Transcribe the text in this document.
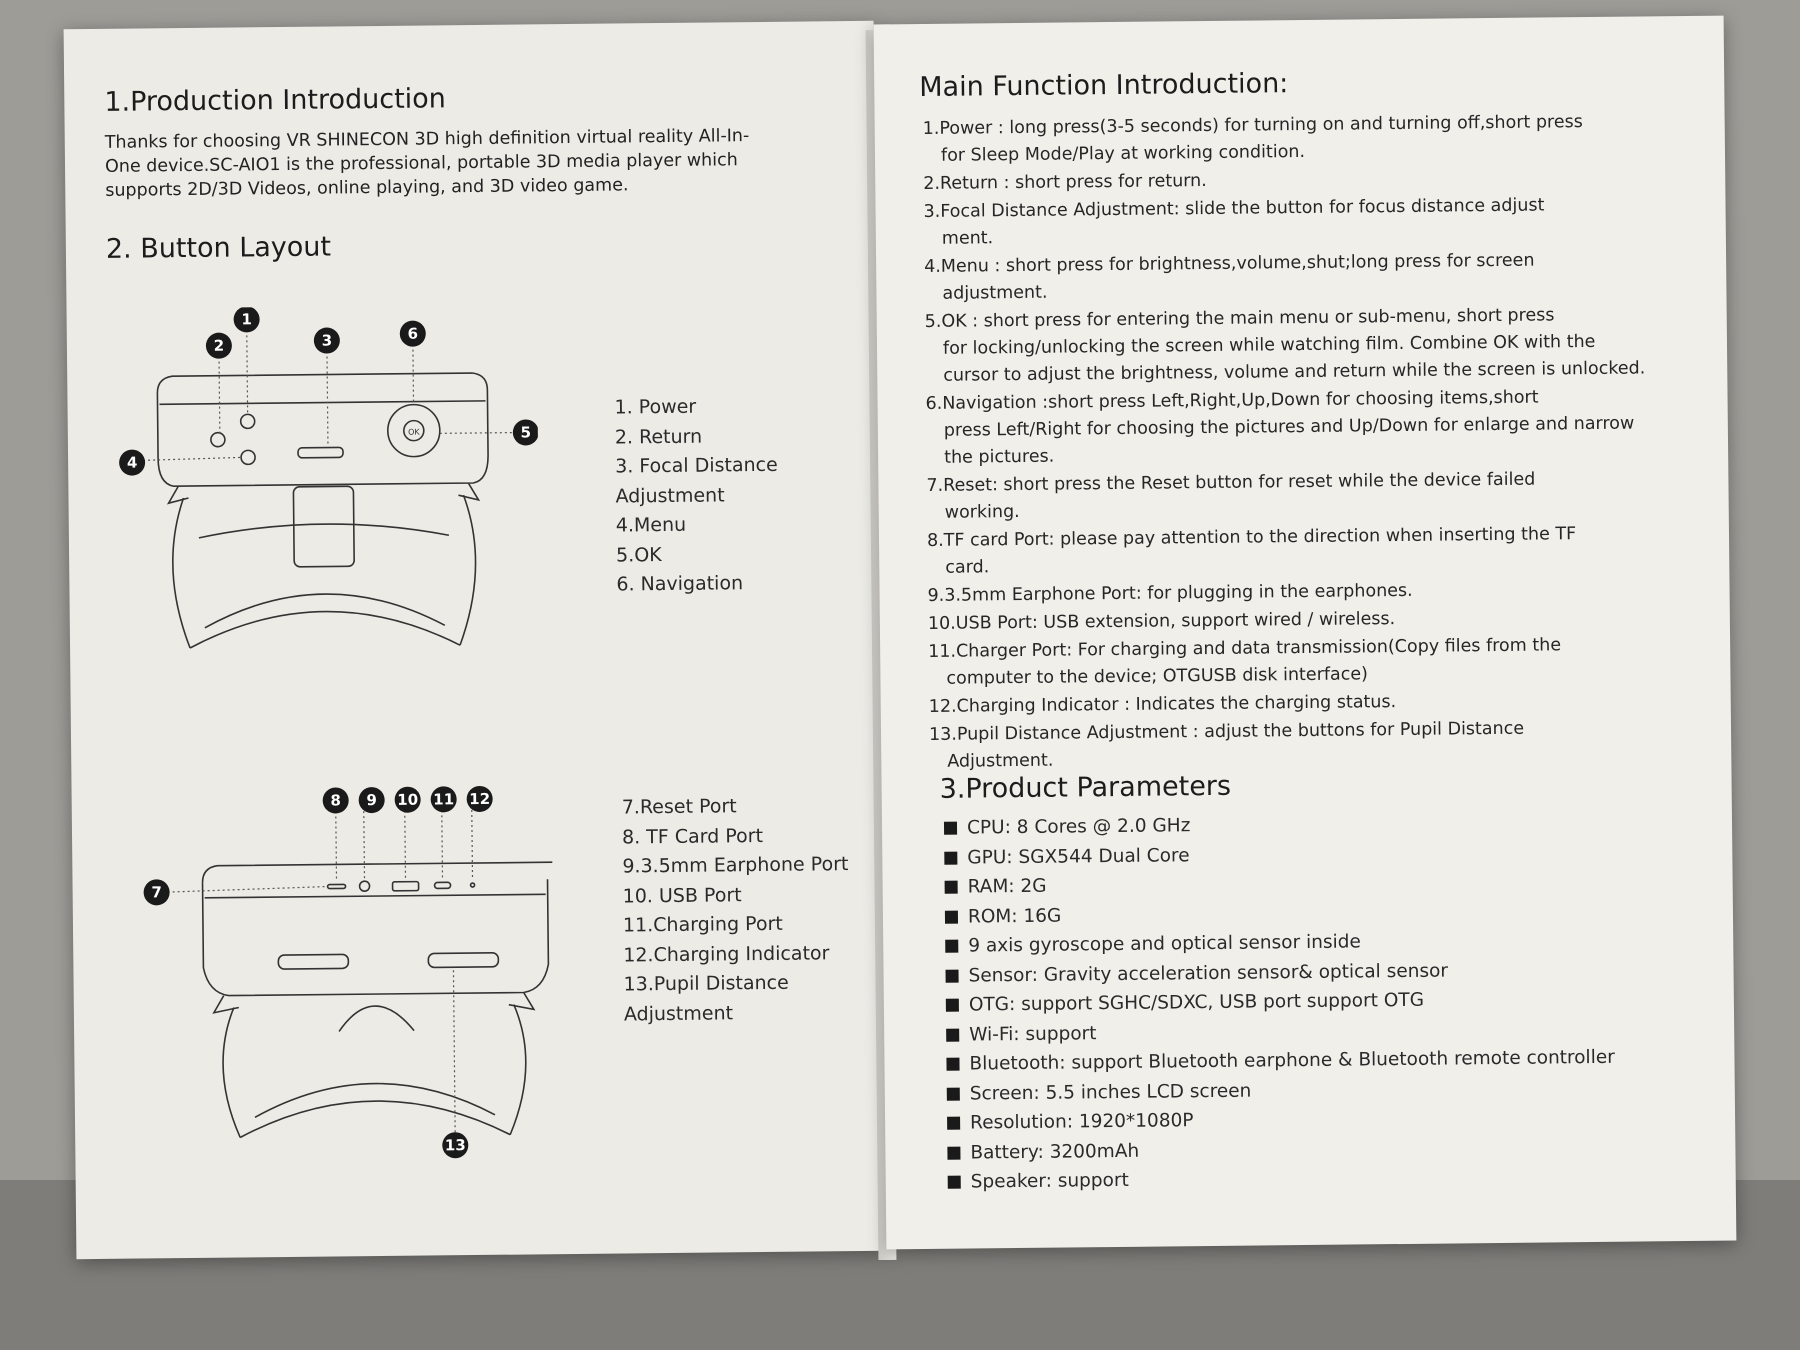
1.Production Introduction
Thanks for choosing VR SHINECON 3D high definition virtual reality All-In-One device.SC-AIO1 is the professional, portable 3D media player which supports 2D/3D Videos, online playing, and 3D video game.
2. Button Layout
OK
1
2	3
4
5
6
1. Power
2. Return
3. Focal Distance
Adjustment
4.Menu
5.OK
6. Navigation
7
8 9 10 11 12
13
7.Reset Port
8. TF Card Port
9.3.5mm Earphone Port
10. USB Port
11.Charging Port
12.Charging Indicator
13.Pupil Distance
Adjustment
Main Function Introduction:
1.Power : long press(3-5 seconds) for turning on and turning off,short press
for Sleep Mode/Play at working condition.
2.Return : short press for return.
3.Focal Distance Adjustment: slide the button for focus distance adjust
ment.
4.Menu : short press for brightness,volume,shut;long press for screen
adjustment.
5.OK : short press for entering the main menu or sub-menu, short press
for locking/unlocking the screen while watching film. Combine OK with the cursor to adjust the brightness, volume and return while the screen is unlocked.
6.Navigation :short press Left,Right,Up,Down for choosing items,short
press Left/Right for choosing the pictures and Up/Down for enlarge and narrow the pictures.
7.Reset: short press the Reset button for reset while the device failed
working.
8.TF card Port: please pay attention to the direction when inserting the TF
card.
9.3.5mm Earphone Port: for plugging in the earphones.
10.USB Port: USB extension, support wired / wireless.
11.Charger Port: For charging and data transmission(Copy files from the
computer to the device; OTGUSB disk interface)
12.Charging Indicator : Indicates the charging status.
13.Pupil Distance Adjustment : adjust the buttons for Pupil Distance
Adjustment.
3.Product Parameters
CPU: 8 Cores @ 2.0 GHz
GPU: SGX544 Dual Core
RAM: 2G
ROM: 16G
9 axis gyroscope and optical sensor inside
Sensor: Gravity acceleration sensor& optical sensor
OTG: support SGHC/SDXC, USB port support OTG
Wi-Fi: support
Bluetooth: support Bluetooth earphone & Bluetooth remote controller
Screen: 5.5 inches LCD screen
Resolution: 1920*1080P
Battery: 3200mAh
Speaker: support
